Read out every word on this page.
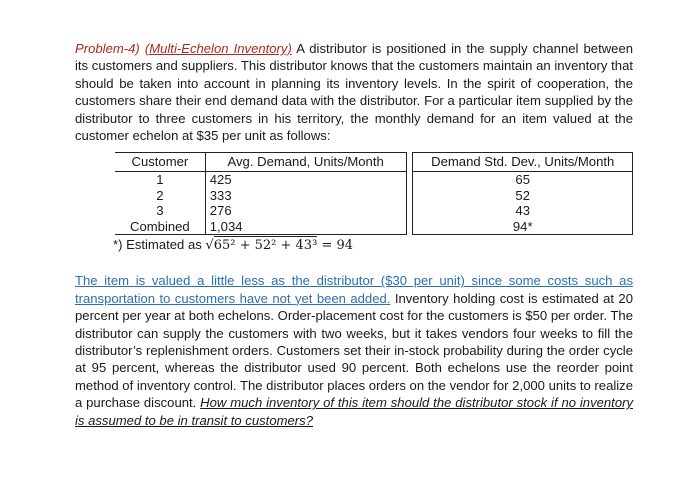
Problem-4) (Multi-Echelon Inventory) A distributor is positioned in the supply channel between its customers and suppliers. This distributor knows that the customers maintain an inventory that should be taken into account in planning its inventory levels. In the spirit of cooperation, the customers share their end demand data with the distributor. For a particular item supplied by the distributor to three customers in his territory, the monthly demand for an item valued at the customer echelon at $35 per unit as follows:

Customer	Avg. Demand, Units/Month		Demand Std. Dev., Units/Month
1	425		65
2	333		52
3	276		43
Combined	1,034		94*
*) Estimated as √65² + 52² + 43³ = 94

The item is valued a little less as the distributor ($30 per unit) since some costs such as transportation to customers have not yet been added. Inventory holding cost is estimated at 20 percent per year at both echelons. Order-placement cost for the customers is $50 per order. The distributor can supply the customers with two weeks, but it takes vendors four weeks to fill the distributor’s replenishment orders. Customers set their in-stock probability during the order cycle at 95 percent, whereas the distributor used 90 percent. Both echelons use the reorder point method of inventory control. The distributor places orders on the vendor for 2,000 units to realize a purchase discount. How much inventory of this item should the distributor stock if no inventory is assumed to be in transit to customers?
